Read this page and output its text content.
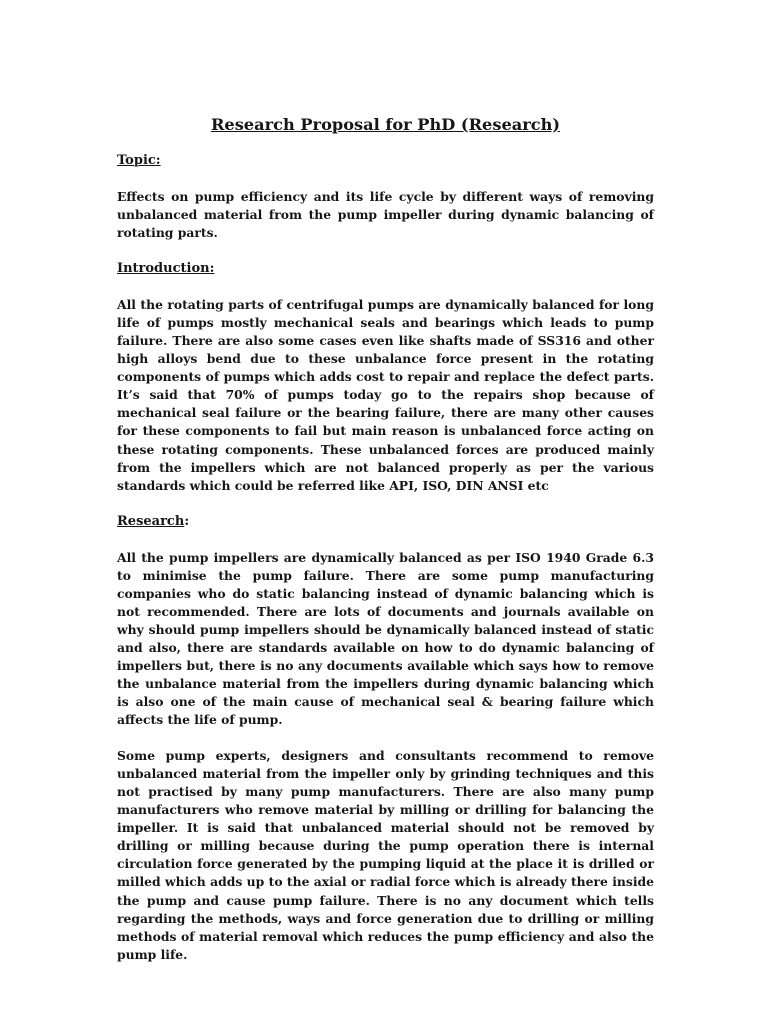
Research Proposal for PhD (Research)
Topic:
Effects on pump efficiency and its life cycle by different ways of removing unbalanced material from the pump impeller during dynamic balancing of rotating parts.
Introduction:
All the rotating parts of centrifugal pumps are dynamically balanced for long life of pumps mostly mechanical seals and bearings which leads to pump failure. There are also some cases even like shafts made of SS316 and other high alloys bend due to these unbalance force present in the rotating components of pumps which adds cost to repair and replace the defect parts. It’s said that 70% of pumps today go to the repairs shop because of mechanical seal failure or the bearing failure, there are many other causes for these components to fail but main reason is unbalanced force acting on these rotating components. These unbalanced forces are produced mainly from the impellers which are not balanced properly as per the various standards which could be referred like API, ISO, DIN ANSI etc
Research:
All the pump impellers are dynamically balanced as per ISO 1940 Grade 6.3 to minimise the pump failure. There are some pump manufacturing companies who do static balancing instead of dynamic balancing which is not recommended. There are lots of documents and journals available on why should pump impellers should be dynamically balanced instead of static and also, there are standards available on how to do dynamic balancing of impellers but, there is no any documents available which says how to remove the unbalance material from the impellers during dynamic balancing which is also one of the main cause of mechanical seal & bearing failure which affects the life of pump.
Some pump experts, designers and consultants recommend to remove unbalanced material from the impeller only by grinding techniques and this not practised by many pump manufacturers. There are also many pump manufacturers who remove material by milling or drilling for balancing the impeller. It is said that unbalanced material should not be removed by drilling or milling because during the pump operation there is internal circulation force generated by the pumping liquid at the place it is drilled or milled which adds up to the axial or radial force which is already there inside the pump and cause pump failure. There is no any document which tells regarding the methods, ways and force generation due to drilling or milling methods of material removal which reduces the pump efficiency and also the pump life.
